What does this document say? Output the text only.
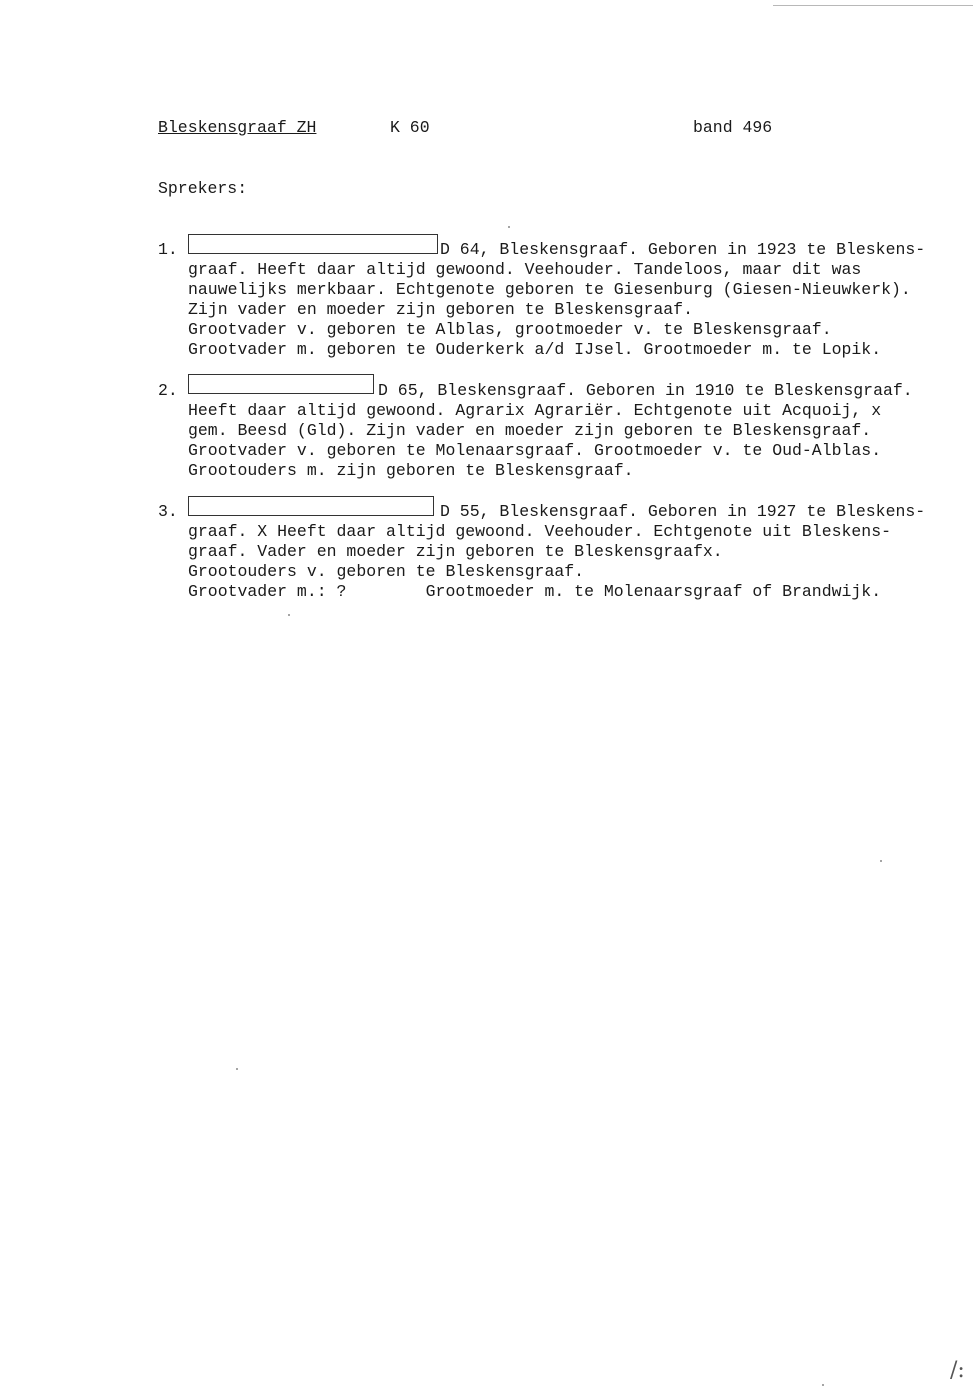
Bleskensgraaf ZH	K 60	band 496
Sprekers:
1.	D 64, Bleskensgraaf. Geboren in 1923 te Bleskens-
graaf. Heeft daar altijd gewoond. Veehouder. Tandeloos, maar dit was
nauwelijks merkbaar. Echtgenote geboren te Giesenburg (Giesen-Nieuwkerk).
Zijn vader en moeder zijn geboren te Bleskensgraaf.
Grootvader v. geboren te Alblas, grootmoeder v. te Bleskensgraaf.
Grootvader m. geboren te Ouderkerk a/d IJsel. Grootmoeder m. te Lopik.
2.	D 65, Bleskensgraaf. Geboren in 1910 te Bleskensgraaf.
Heeft daar altijd gewoond. Agrarix Agrariër. Echtgenote uit Acquoij, x
gem. Beesd (Gld). Zijn vader en moeder zijn geboren te Bleskensgraaf.
Grootvader v. geboren te Molenaarsgraaf. Grootmoeder v. te Oud-Alblas.
Grootouders m. zijn geboren te Bleskensgraaf.
3.	D 55, Bleskensgraaf. Geboren in 1927 te Bleskens-
graaf. X Heeft daar altijd gewoond. Veehouder. Echtgenote uit Bleskens-
graaf. Vader en moeder zijn geboren te Bleskensgraafx.
Grootouders v. geboren te Bleskensgraaf.
Grootvader m.: ?        Grootmoeder m. te Molenaarsgraaf of Brandwijk.
/:
